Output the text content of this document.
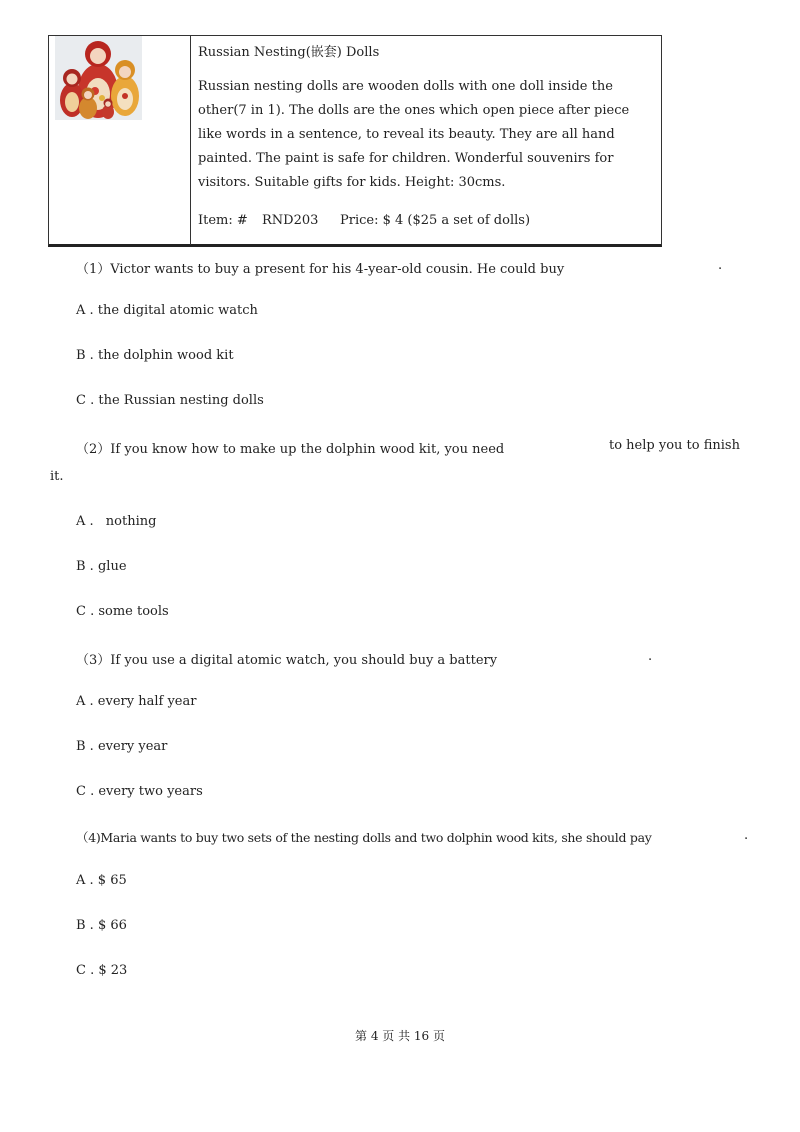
Russian Nesting(嵌套) Dolls
Russian nesting dolls are wooden dolls with one doll inside the
other(7 in 1). The dolls are the ones which open piece after piece
like words in a sentence, to reveal its beauty. They are all hand
painted. The paint is safe for children. Wonderful souvenirs for
visitors. Suitable gifts for kids. Height: 30cms.
Item: # RND203 Price: $ 4 ($25 a set of dolls)
（1）Victor wants to buy a present for his 4-year-old cousin. He could buy	.
A . the digital atomic watch
B . the dolphin wood kit
C . the Russian nesting dolls
（2）If you know how to make up the dolphin wood kit, you need	to help you to finish
it.
A . nothing
B . glue
C . some tools
（3）If you use a digital atomic watch, you should buy a battery	.
A . every half year
B . every year
C . every two years
（4)Maria wants to buy two sets of the nesting dolls and two dolphin wood kits, she should pay	.
A . $ 65
B . $ 66
C . $ 23
第 4 页 共 16 页
